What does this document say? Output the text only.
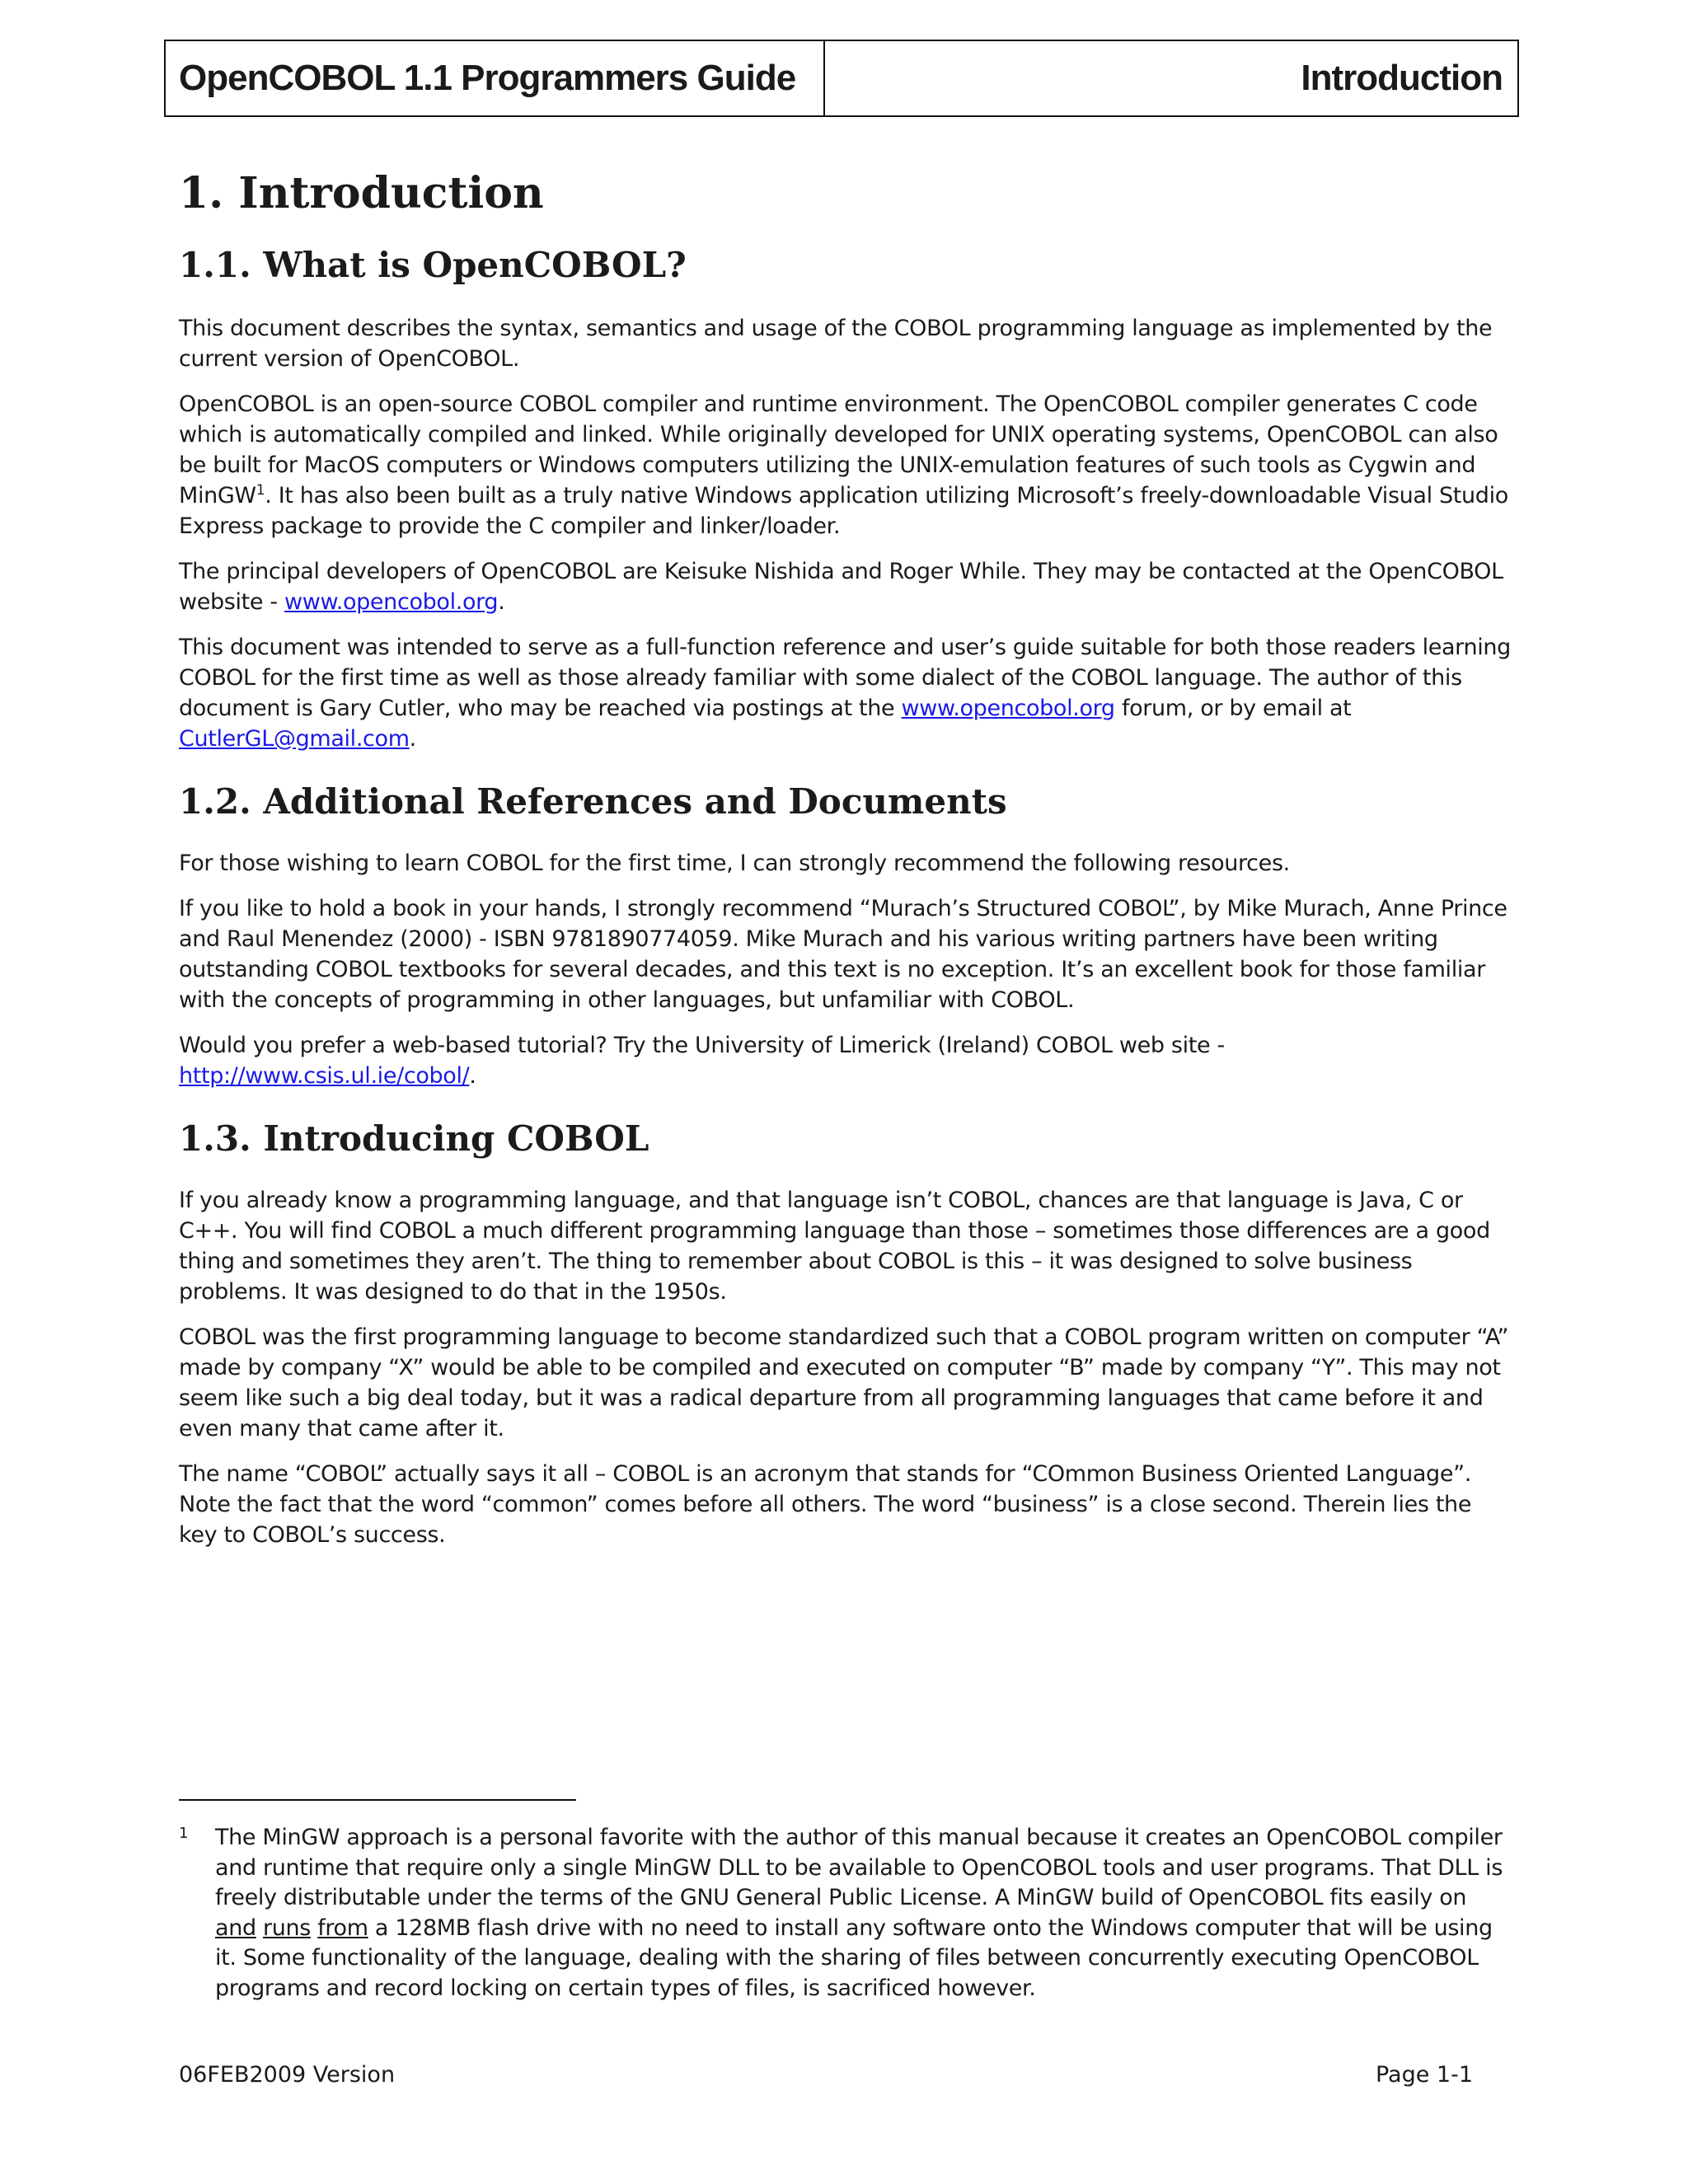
OpenCOBOL 1.1 Programmers Guide	Introduction
1. Introduction
1.1. What is OpenCOBOL?

This document describes the syntax, semantics and usage of the COBOL programming language as implemented by the current version of OpenCOBOL.

OpenCOBOL is an open-source COBOL compiler and runtime environment. The OpenCOBOL compiler generates C code which is automatically compiled and linked. While originally developed for UNIX operating systems, OpenCOBOL can also be built for MacOS computers or Windows computers utilizing the UNIX-emulation features of such tools as Cygwin and MinGW$^1$. It has also been built as a truly native Windows application utilizing Microsoft’s freely-downloadable Visual Studio Express package to provide the C compiler and linker/loader.

The principal developers of OpenCOBOL are Keisuke Nishida and Roger While. They may be contacted at the OpenCOBOL website - www.opencobol.org.

This document was intended to serve as a full-function reference and user’s guide suitable for both those readers learning COBOL for the first time as well as those already familiar with some dialect of the COBOL language. The author of this document is Gary Cutler, who may be reached via postings at the www.opencobol.org forum, or by email at CutlerGL@gmail.com.

1.2. Additional References and Documents

For those wishing to learn COBOL for the first time, I can strongly recommend the following resources.

If you like to hold a book in your hands, I strongly recommend “Murach’s Structured COBOL”, by Mike Murach, Anne Prince and Raul Menendez (2000) - ISBN 9781890774059. Mike Murach and his various writing partners have been writing outstanding COBOL textbooks for several decades, and this text is no exception. It’s an excellent book for those familiar with the concepts of programming in other languages, but unfamiliar with COBOL.

Would you prefer a web-based tutorial? Try the University of Limerick (Ireland) COBOL web site - http://www.csis.ul.ie/cobol/.

1.3. Introducing COBOL

If you already know a programming language, and that language isn’t COBOL, chances are that language is Java, C or C++. You will find COBOL a much different programming language than those – sometimes those differences are a good thing and sometimes they aren’t. The thing to remember about COBOL is this – it was designed to solve business problems. It was designed to do that in the 1950s.

COBOL was the first programming language to become standardized such that a COBOL program written on computer “A” made by company “X” would be able to be compiled and executed on computer “B” made by company “Y”. This may not seem like such a big deal today, but it was a radical departure from all programming languages that came before it and even many that came after it.

The name “COBOL” actually says it all – COBOL is an acronym that stands for “COmmon Business Oriented Language”. Note the fact that the word “common” comes before all others. The word “business” is a close second. Therein lies the key to COBOL’s success.

1	The MinGW approach is a personal favorite with the author of this manual because it creates an OpenCOBOL compiler and runtime that require only a single MinGW DLL to be available to OpenCOBOL tools and user programs. That DLL is freely distributable under the terms of the GNU General Public License. A MinGW build of OpenCOBOL fits easily on and runs from a 128MB flash drive with no need to install any software onto the Windows computer that will be using it. Some functionality of the language, dealing with the sharing of files between concurrently executing OpenCOBOL programs and record locking on certain types of files, is sacrificed however.
06FEB2009 Version	Page 1-1
